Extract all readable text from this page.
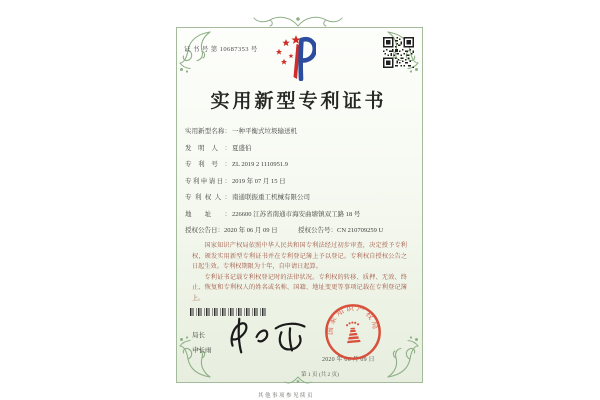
证 书 号 第 10687353 号
实用新型专利证书
实用新型名称：一种平衡式垃圾输送机
发明人：夏盛伯
专利号：ZL 2019 2 1110951.9
专利申请日：2019 年 07 月 15 日
专利权人：南通联振重工机械有限公司
地址：226600 江苏省南通市海安曲塘镇双工路 18 号
授权公告日：2020 年 06 月 09 日	授权公告号：CN 210709259 U

国家知识产权局依照中华人民共和国专利法经过初步审查，决定授予专利权，颁发实用新型专利证书并在专利登记簿上予以登记。专利权自授权公告之日起生效。专利权期限为十年，自申请日起算。

专利证书记载专利权登记时的法律状况。专利权的转移、质押、无效、终止、恢复和专利权人的姓名或名称、国籍、地址变更等事项记载在专利登记簿上。

局长
申长雨
2020 年 06 月 09 日
国家知识产权局
第 1 页 (共 2 页)
其他事项参见续页
